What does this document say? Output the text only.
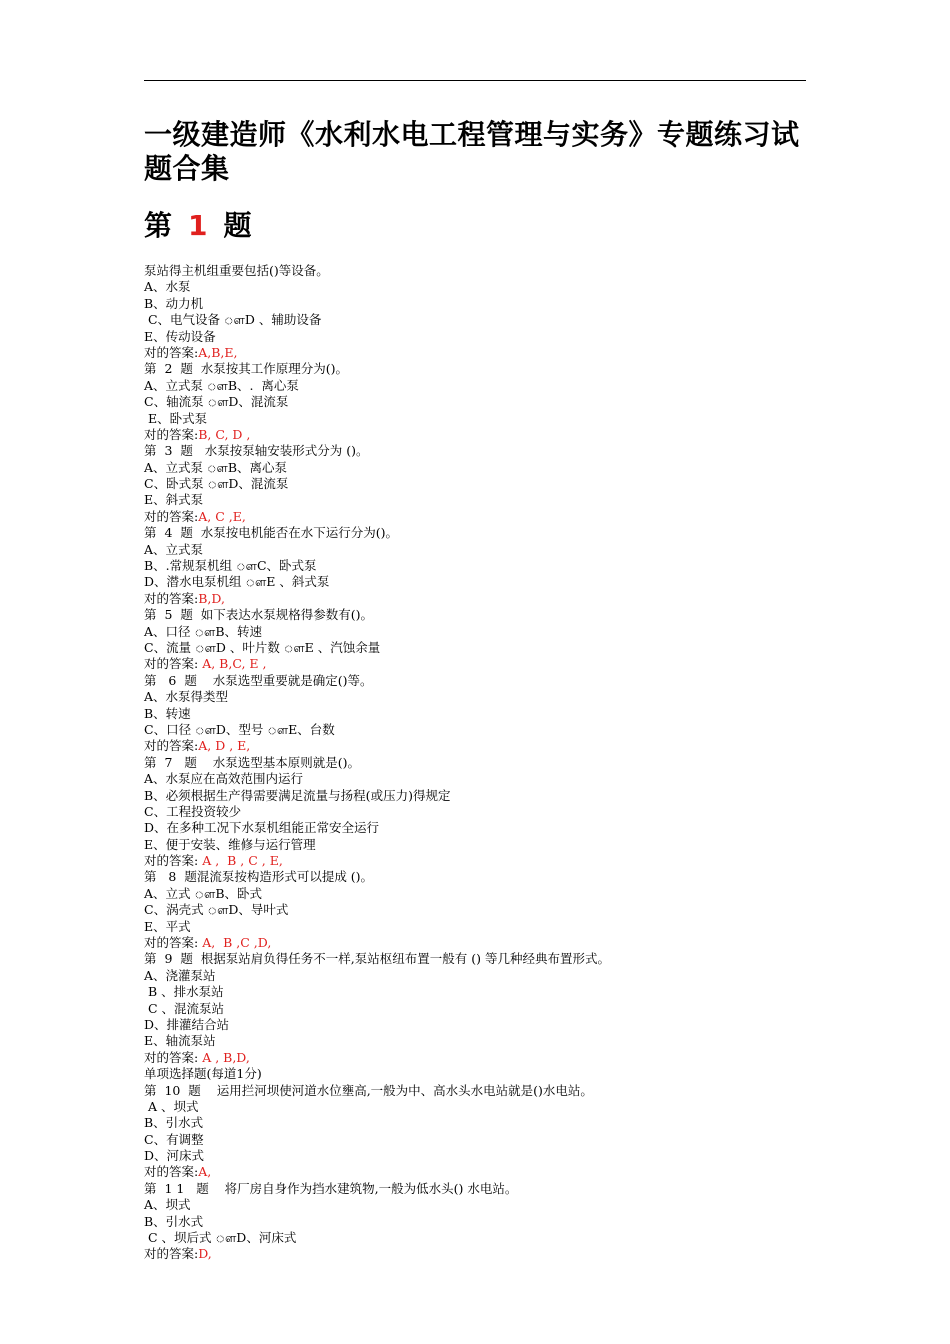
一级建造师《水利水电工程管理与实务》专题练习试题合集
第 1 题
泵站得主机组重要包括()等设备。
A、水泵
B、动力机
C、电气设备 ௗD 、辅助设备
E、传动设备
对的答案:A,B,E,
第  2  题  水泵按其工作原理分为()。
A、立式泵 ௗB、.  离心泵
C、轴流泵 ௗD、混流泵
E、卧式泵
对的答案:B, C, D ,
第  3  题   水泵按泵轴安装形式分为 ()。
A、立式泵 ௗB、离心泵
C、卧式泵 ௗD、混流泵
E、斜式泵
对的答案:A, C ,E,
第  4  题  水泵按电机能否在水下运行分为()。
A、立式泵
B、.常规泵机组 ௗC、卧式泵
D、潜水电泵机组 ௗE 、斜式泵
对的答案:B,D,
第  5  题  如下表达水泵规格得参数有()。
A、口径 ௗB、转速
C、流量 ௗD 、叶片数 ௗE 、汽蚀余量
对的答案: A, B,C, E ,
第   6  题    水泵选型重要就是确定()等。
A、水泵得类型
B、转速
C、口径 ௗD、型号 ௗE、台数
对的答案:A, D , E,
第  7   题    水泵选型基本原则就是()。
A、水泵应在高效范围内运行
B、必须根据生产得需要满足流量与扬程(或压力)得规定
C、工程投资较少
D、在多种工况下水泵机组能正常安全运行
E、便于安装、维修与运行管理
对的答案: A ,  B , C , E,
第   8  题混流泵按构造形式可以提成 ()。
A、立式 ௗB、卧式
C、涡壳式 ௗD、导叶式
E、平式
对的答案: A,  B ,C ,D,
第  9  题  根据泵站肩负得任务不一样,泵站枢纽布置一般有 () 等几种经典布置形式。
A、浇灌泵站
B 、排水泵站
C 、混流泵站
D、排灌结合站
E、轴流泵站
对的答案: A , B,D,
单项选择题(每道1分)
第  10  题    运用拦河坝使河道水位壅高,一般为中、高水头水电站就是()水电站。
A 、坝式
B、引水式
C、有调整
D、河床式
对的答案:A,
第  1 1   题    将厂房自身作为挡水建筑物,一般为低水头() 水电站。
A、坝式
B、引水式
C 、坝后式 ௗD、河床式
对的答案:D,
